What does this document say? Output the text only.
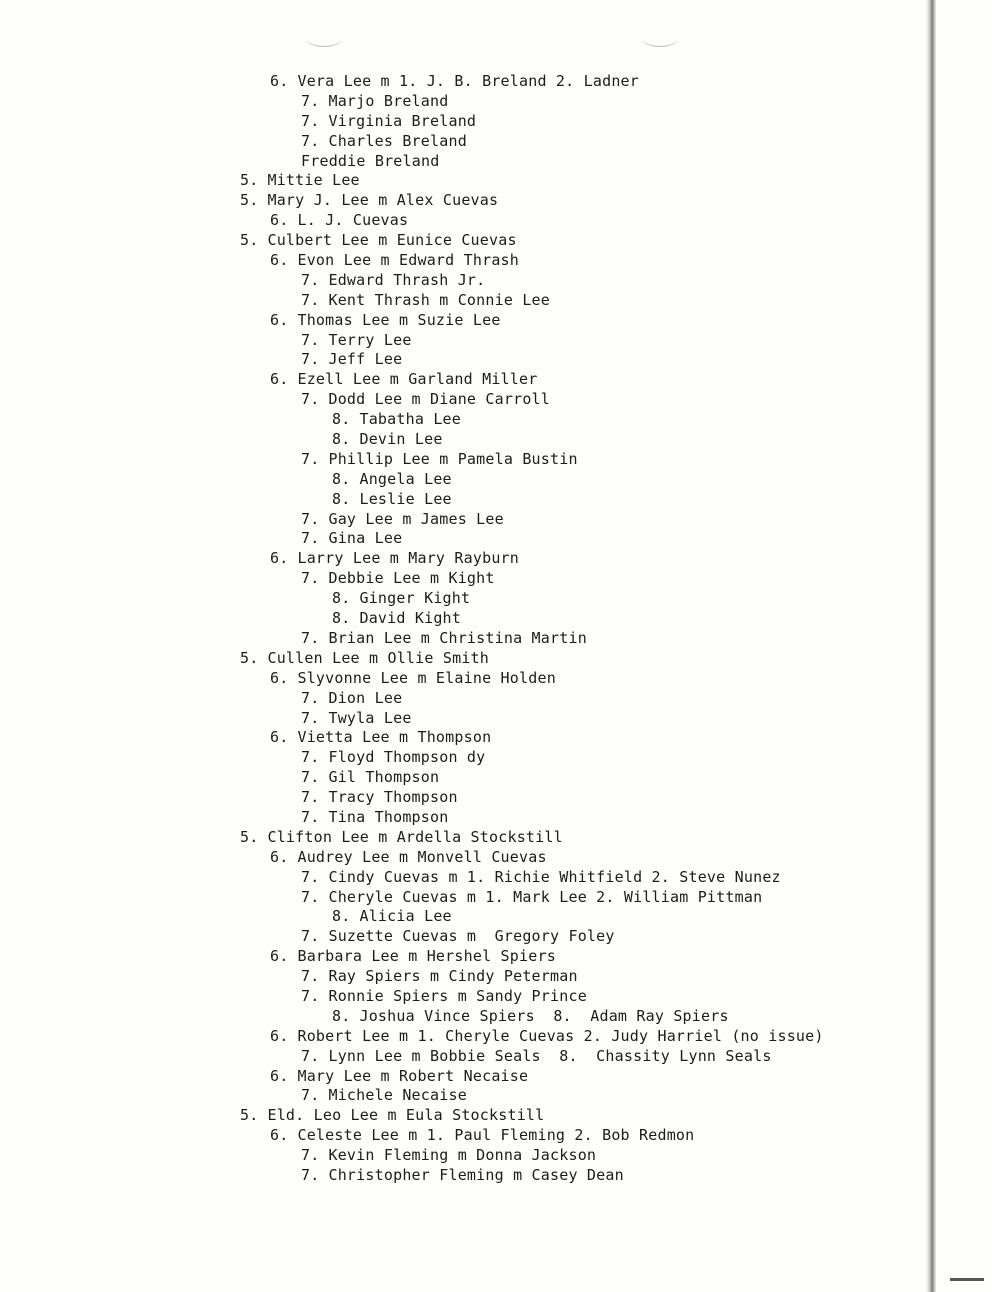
6. Vera Lee m 1. J. B. Breland 2. Ladner
7. Marjo Breland
7. Virginia Breland
7. Charles Breland
Freddie Breland
5. Mittie Lee
5. Mary J. Lee m Alex Cuevas
6. L. J. Cuevas
5. Culbert Lee m Eunice Cuevas
6. Evon Lee m Edward Thrash
7. Edward Thrash Jr.
7. Kent Thrash m Connie Lee
6. Thomas Lee m Suzie Lee
7. Terry Lee
7. Jeff Lee
6. Ezell Lee m Garland Miller
7. Dodd Lee m Diane Carroll
8. Tabatha Lee
8. Devin Lee
7. Phillip Lee m Pamela Bustin
8. Angela Lee
8. Leslie Lee
7. Gay Lee m James Lee
7. Gina Lee
6. Larry Lee m Mary Rayburn
7. Debbie Lee m Kight
8. Ginger Kight
8. David Kight
7. Brian Lee m Christina Martin
5. Cullen Lee m Ollie Smith
6. Slyvonne Lee m Elaine Holden
7. Dion Lee
7. Twyla Lee
6. Vietta Lee m Thompson
7. Floyd Thompson dy
7. Gil Thompson
7. Tracy Thompson
7. Tina Thompson
5. Clifton Lee m Ardella Stockstill
6. Audrey Lee m Monvell Cuevas
7. Cindy Cuevas m 1. Richie Whitfield 2. Steve Nunez
7. Cheryle Cuevas m 1. Mark Lee 2. William Pittman
8. Alicia Lee
7. Suzette Cuevas m  Gregory Foley
6. Barbara Lee m Hershel Spiers
7. Ray Spiers m Cindy Peterman
7. Ronnie Spiers m Sandy Prince
8. Joshua Vince Spiers  8.  Adam Ray Spiers
6. Robert Lee m 1. Cheryle Cuevas 2. Judy Harriel (no issue)
7. Lynn Lee m Bobbie Seals  8.  Chassity Lynn Seals
6. Mary Lee m Robert Necaise
7. Michele Necaise
5. Eld. Leo Lee m Eula Stockstill
6. Celeste Lee m 1. Paul Fleming 2. Bob Redmon
7. Kevin Fleming m Donna Jackson
7. Christopher Fleming m Casey Dean
